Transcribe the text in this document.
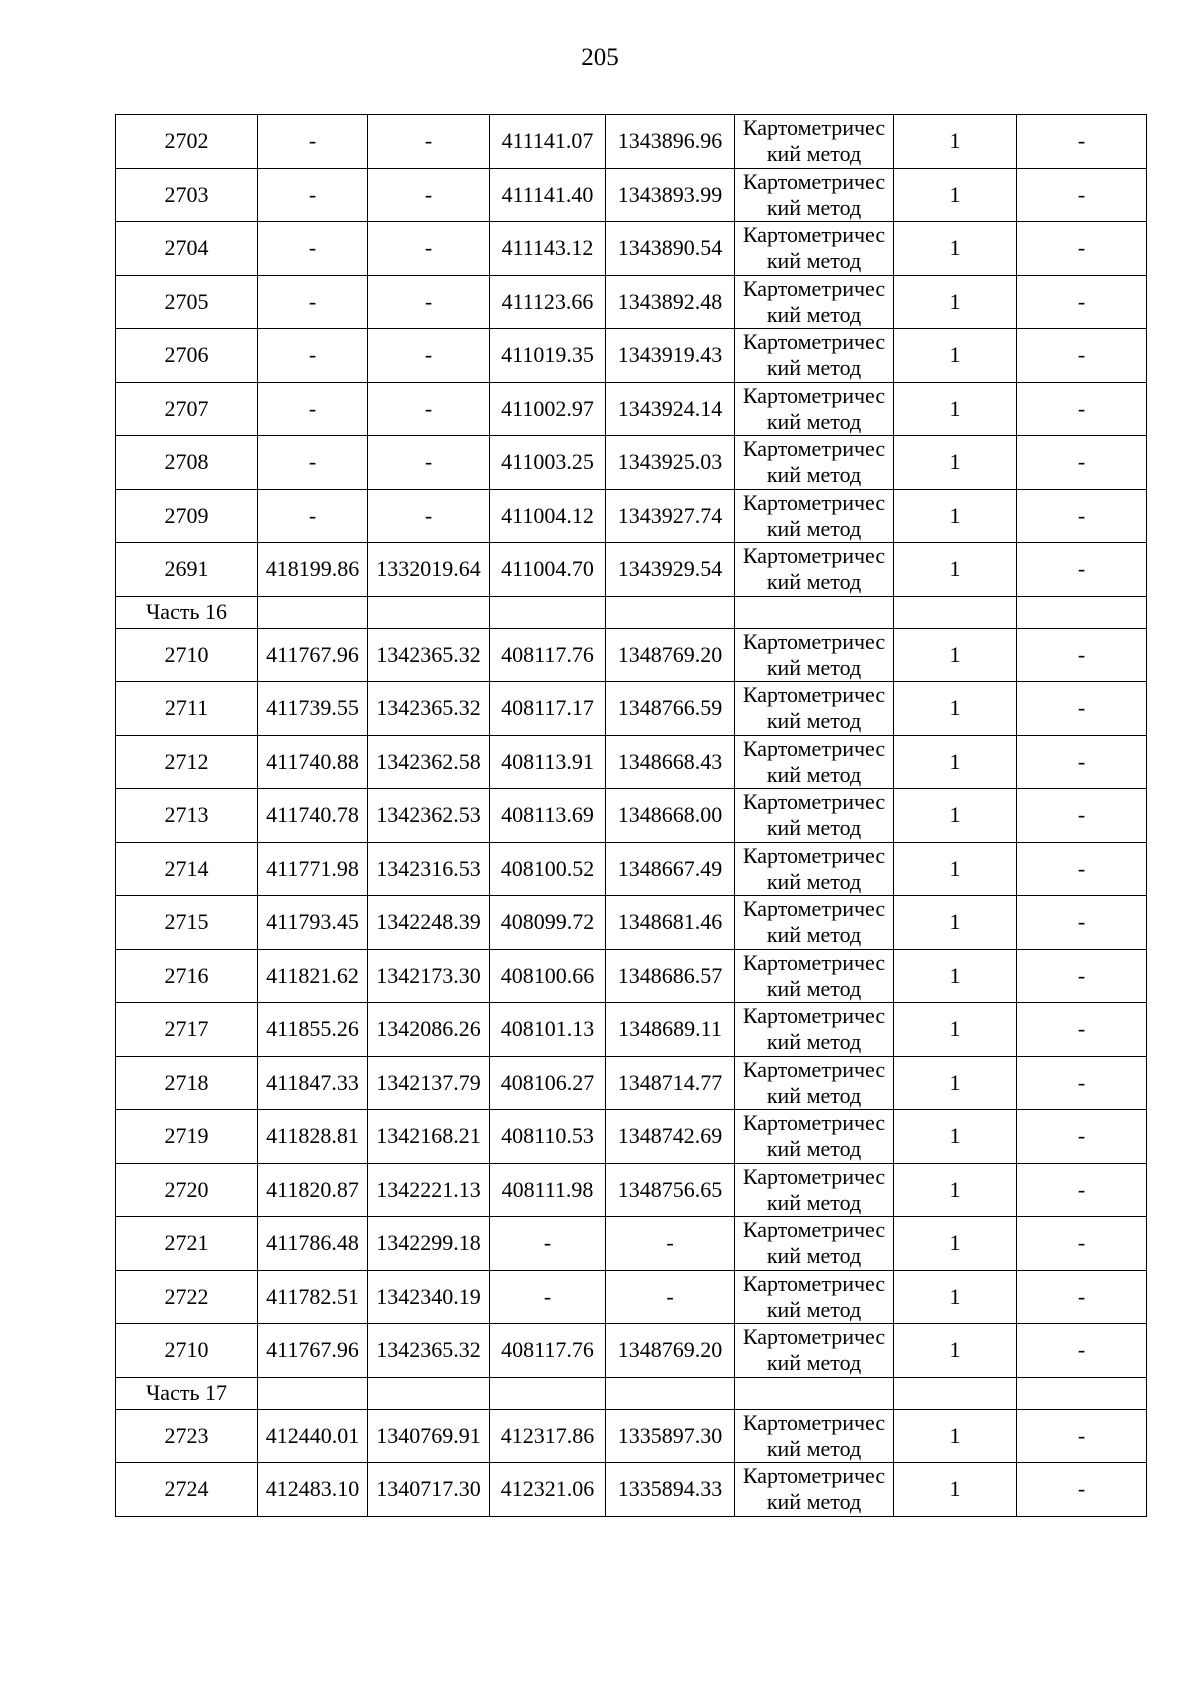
205
2702	-	-	411141.07	1343896.96	Картометричес кий метод	1	-
2703	-	-	411141.40	1343893.99	Картометричес кий метод	1	-
2704	-	-	411143.12	1343890.54	Картометричес кий метод	1	-
2705	-	-	411123.66	1343892.48	Картометричес кий метод	1	-
2706	-	-	411019.35	1343919.43	Картометричес кий метод	1	-
2707	-	-	411002.97	1343924.14	Картометричес кий метод	1	-
2708	-	-	411003.25	1343925.03	Картометричес кий метод	1	-
2709	-	-	411004.12	1343927.74	Картометричес кий метод	1	-
2691	418199.86	1332019.64	411004.70	1343929.54	Картометричес кий метод	1	-
Часть 16							
2710	411767.96	1342365.32	408117.76	1348769.20	Картометричес кий метод	1	-
2711	411739.55	1342365.32	408117.17	1348766.59	Картометричес кий метод	1	-
2712	411740.88	1342362.58	408113.91	1348668.43	Картометричес кий метод	1	-
2713	411740.78	1342362.53	408113.69	1348668.00	Картометричес кий метод	1	-
2714	411771.98	1342316.53	408100.52	1348667.49	Картометричес кий метод	1	-
2715	411793.45	1342248.39	408099.72	1348681.46	Картометричес кий метод	1	-
2716	411821.62	1342173.30	408100.66	1348686.57	Картометричес кий метод	1	-
2717	411855.26	1342086.26	408101.13	1348689.11	Картометричес кий метод	1	-
2718	411847.33	1342137.79	408106.27	1348714.77	Картометричес кий метод	1	-
2719	411828.81	1342168.21	408110.53	1348742.69	Картометричес кий метод	1	-
2720	411820.87	1342221.13	408111.98	1348756.65	Картометричес кий метод	1	-
2721	411786.48	1342299.18	-	-	Картометричес кий метод	1	-
2722	411782.51	1342340.19	-	-	Картометричес кий метод	1	-
2710	411767.96	1342365.32	408117.76	1348769.20	Картометричес кий метод	1	-
Часть 17							
2723	412440.01	1340769.91	412317.86	1335897.30	Картометричес кий метод	1	-
2724	412483.10	1340717.30	412321.06	1335894.33	Картометричес кий метод	1	-
